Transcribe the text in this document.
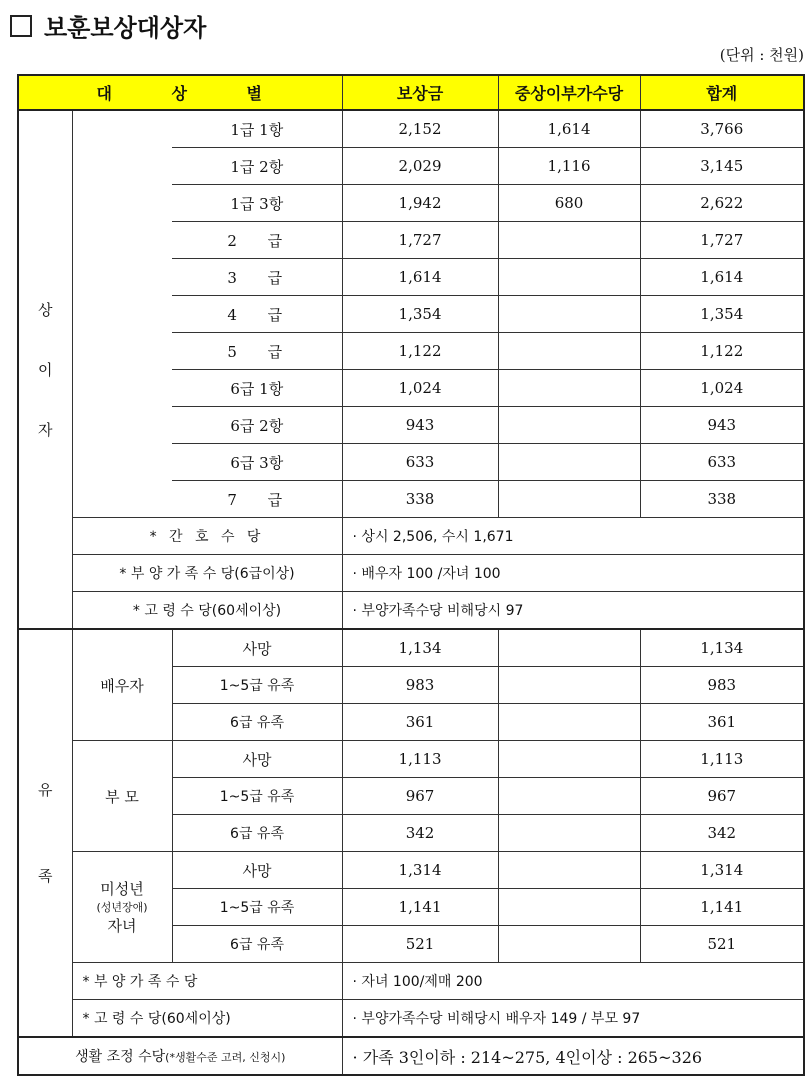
보훈보상대상자
(단위 : 천원)
대 상 별			보상금	중상이부가수당	합계

상
이
자		1급 1항	2,152	1,614	3,766
		1급 2항	2,029	1,116	3,145
		1급 3항	1,942	680	2,622
		2 급	1,727		1,727
		3 급	1,614		1,614
		4 급	1,354		1,354
		5 급	1,122		1,122
		6급 1항	1,024		1,024
		6급 2항	943		943
		6급 3항	633		633
		7 급	338		338
	* 간 호 수 당		· 상시 2,506, 수시 1,671		
	* 부 양 가 족 수 당(6급이상)		· 배우자 100 /자녀 100		
	* 고 령 수 당(60세이상)		· 부양가족수당 비해당시 97		

유
족	배우자	사망	1,134		1,134
		1~5급 유족	983		983
		6급 유족	361		361
	부 모	사망	1,113		1,113
		1~5급 유족	967		967
		6급 유족	342		342

	미성년
(성년장애)
자녀	사망	1,314		1,314
		1~5급 유족	1,141		1,141
		6급 유족	521		521
	* 부 양 가 족 수 당		· 자녀 100/제매 200		
	* 고 령 수 당(60세이상)		· 부양가족수당 비해당시 배우자 149 / 부모 97		
생활 조정 수당(*생활수준 고려, 신청시)			· 가족 3인이하 : 214~275, 4인이상 : 265~326		
